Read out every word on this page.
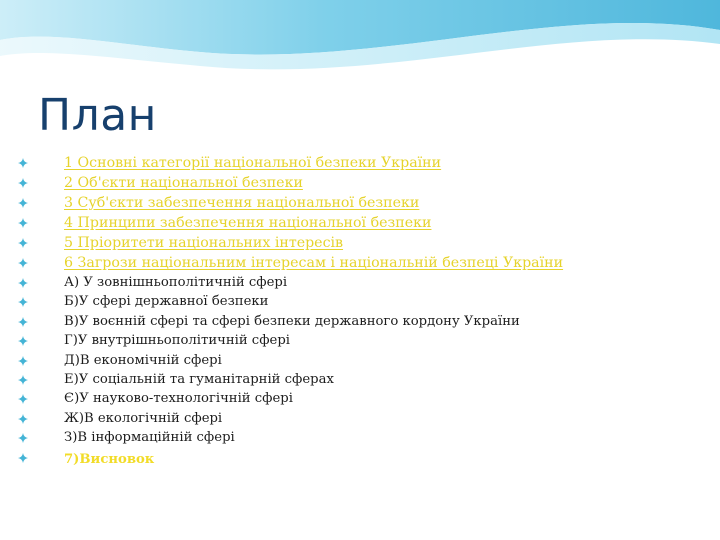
План
1 Основні категорії національної безпеки України
2 Об'єкти національної безпеки
3 Суб'єкти забезпечення національної безпеки
4 Принципи забезпечення національної безпеки
5 Пріоритети національних інтересів
6 Загрози національним інтересам і національній безпеці України
А) У зовнішньополітичній сфері
Б)У сфері державної безпеки
В)У воєнній сфері та сфері безпеки державного кордону України
Г)У внутрішньополітичній сфері
Д)В економічній сфері
Е)У соціальній та гуманітарній сферах
Є)У науково-технологічній сфері
Ж)В екологічній сфері
З)В інформаційній сфері
7)Висновок
